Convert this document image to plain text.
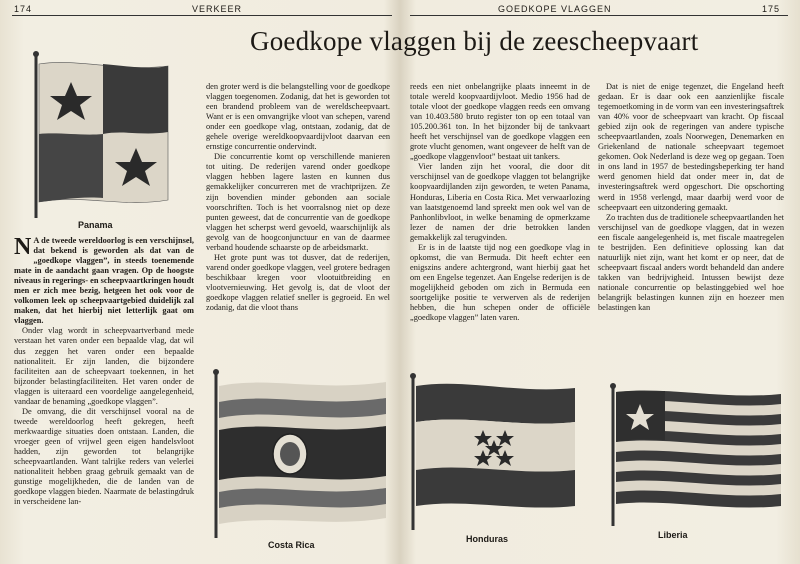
174	VERKEER	GOEDKOPE VLAGGEN	175
Goedkope vlaggen bij de zeescheepvaart
Panama
Costa Rica
Honduras	Liberia

N A de tweede wereldoorlog is een verschijnsel, dat bekend is geworden als dat van de „goedkope vlaggen”, in steeds toenemende mate in de aandacht gaan vragen. Op de hoogste niveaus in regerings- en scheepvaartkringen houdt men er zich mee bezig, hetgeen het ook voor de volkomen leek op scheepvaartgebied duidelijk zal maken, dat het hierbij niet letterlijk gaat om vlaggen.

Onder vlag wordt in scheepvaartverband mede verstaan het varen onder een bepaalde vlag, dat wil dus zeggen het varen onder een bepaalde nationaliteit. Er zijn landen, die bijzondere faciliteiten aan de scheepvaart toekennen, in het bijzonder belastingfaciliteiten. Het varen onder de vlaggen is uiteraard een voordelige aangelegenheid, vandaar de benaming „goedkope vlaggen”.

De omvang, die dit verschijnsel vooral na de tweede wereldoorlog heeft gekregen, heeft merkwaardige situaties doen ontstaan. Landen, die vroeger geen of vrijwel geen eigen handelsvloot hadden, zijn geworden tot belangrijke scheepvaartlanden. Want talrijke reders van velerlei nationaliteit hebben graag gebruik gemaakt van de gunstige mogelijkheden, die de landen van de goedkope vlaggen bieden. Naarmate de belastingdruk in verscheidene lan-

den groter werd is die belangstelling voor de goedkope vlaggen toegenomen. Zodanig, dat het is geworden tot een brandend probleem van de wereldscheepvaart. Want er is een omvangrijke vloot van schepen, varend onder een goedkope vlag, ontstaan, zodanig, dat de gehele overige wereldkoopvaardijvloot daarvan een ernstige concurrentie ondervindt.

Die concurrentie komt op verschillende manieren tot uiting. De rederijen varend onder goedkope vlaggen hebben lagere lasten en kunnen dus gemakkelijker concurreren met de vrachtprijzen. Ze zijn bovendien minder gebonden aan sociale voorschriften. Toch is het voorralsnog niet op deze punten geweest, dat de concurrentie van de goedkope vlaggen het scherpst werd gevoeld, waarschijnlijk als gevolg van de hoogconjunctuur en van de daarmee verband houdende schaarste op de arbeidsmarkt.

Het grote punt was tot dusver, dat de rederijen, varend onder goedkope vlaggen, veel grotere bedragen beschikbaar kregen voor vlootuitbreiding en vlootvernieuwing. Het gevolg is, dat de vloot der goedkope vlaggen relatief sneller is gegroeid. En wel zodanig, dat die vloot thans

reeds een niet onbelangrijke plaats inneemt in de totale wereld koopvaardijvloot. Medio 1956 had de totale vloot der goedkope vlaggen reeds een omvang van 10.403.580 bruto register ton op een totaal van 105.200.361 ton. In het bijzonder bij de tankvaart heeft het verschijnsel van de goedkope vlaggen een grote vlucht genomen, want ongeveer de helft van de „goedkope vlaggenvloot” bestaat uit tankers.

Vier landen zijn het vooral, die door dit verschijnsel van de goedkope vlaggen tot belangrijke koopvaardijlanden zijn geworden, te weten Panama, Honduras, Liberia en Costa Rica. Met verwaarlozing van laatstgenoemd land spreekt men ook wel van de Panhonlibvloot, in welke benaming de opmerkzame lezer de namen der drie betrokken landen gemakkelijk zal terugvinden.

Er is in de laatste tijd nog een goedkope vlag in opkomst, die van Bermuda. Dit heeft echter een enigszins andere achtergrond, want hierbij gaat het om een Engelse tegenzet. Aan Engelse rederijen is de mogelijkheid geboden om zich in Bermuda een soortgelijke positie te verwerven als de rederijen hebben, die hun schepen onder de officiële „goedkope vlaggen” laten varen.

Dat is niet de enige tegenzet, die Engeland heeft gedaan. Er is daar ook een aanzienlijke fiscale tegemoetkoming in de vorm van een investeringsaftrek van 40% voor de scheepvaart van kracht. Op fiscaal gebied zijn ook de regeringen van andere typische scheepvaartlanden, zoals Noorwegen, Denemarken en Griekenland de nationale scheepvaart tegemoet gekomen. Ook Nederland is deze weg op gegaan. Toen in ons land in 1957 de bestedingsbeperking ter hand werd genomen hield dat onder meer in, dat de investeringsaftrek werd opgeschort. Die opschorting werd in 1958 verlengd, maar daarbij werd voor de scheepvaart een uitzondering gemaakt.

Zo trachten dus de traditionele scheepvaartlanden het verschijnsel van de goedkope vlaggen, dat in wezen een fiscale aangelegenheid is, met fiscale maatregelen te bestrijden. Een definitieve oplossing kan dat natuurlijk niet zijn, want het komt er op neer, dat de scheepvaart fiscaal anders wordt behandeld dan andere takken van bedrijvigheid. Intussen bewijst deze nationale concurrentie op belastinggebied wel hoe belangrijk belastingen kunnen zijn en hoezeer men belastingen kan
